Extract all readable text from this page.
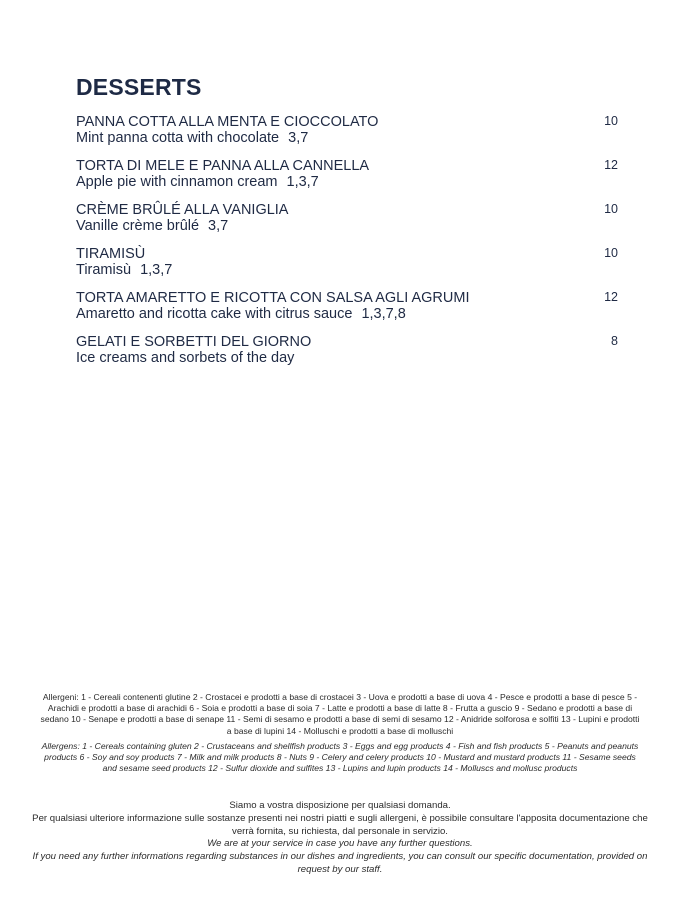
DESSERTS
PANNA COTTA ALLA MENTA E CIOCCOLATO
Mint panna cotta with chocolate 3,7
10
TORTA DI MELE E PANNA ALLA CANNELLA
Apple pie with cinnamon cream 1,3,7
12
CRÈME BRÛLÉ ALLA VANIGLIA
Vanille crème brûlé 3,7
10
TIRAMISÙ
Tiramisù 1,3,7
10
TORTA AMARETTO E RICOTTA CON SALSA AGLI AGRUMI
Amaretto and ricotta cake with citrus sauce 1,3,7,8
12
GELATI E SORBETTI DEL GIORNO
Ice creams and sorbets of the day
8
Allergeni: 1 - Cereali contenenti glutine 2 - Crostacei e prodotti a base di crostacei 3 - Uova e prodotti a base di uova 4 - Pesce e prodotti a base di pesce 5 - Arachidi e prodotti a base di arachidi 6 - Soia e prodotti a base di soia 7 - Latte e prodotti a base di latte 8 - Frutta a guscio 9 - Sedano e prodotti a base di sedano 10 - Senape e prodotti a base di senape 11 - Semi di sesamo e prodotti a base di semi di sesamo 12 - Anidride solforosa e solfiti 13 - Lupini e prodotti a base di lupini 14 - Molluschi e prodotti a base di molluschi
Allergens: 1 - Cereals containing gluten 2 - Crustaceans and shellfish products 3 - Eggs and egg products 4 - Fish and fish products 5 - Peanuts and peanuts products 6 - Soy and soy products 7 - Milk and milk products 8 - Nuts 9 - Celery and celery products 10 - Mustard and mustard products 11 - Sesame seeds and sesame seed products 12 - Sulfur dioxide and sulfites 13 - Lupins and lupin products 14 - Molluscs and mollusc products
Siamo a vostra disposizione per qualsiasi domanda.
Per qualsiasi ulteriore informazione sulle sostanze presenti nei nostri piatti e sugli allergeni, è possibile consultare l'apposita documentazione che verrà fornita, su richiesta, dal personale in servizio.
We are at your service in case you have any further questions.
If you need any further informations regarding substances in our dishes and ingredients, you can consult our specific documentation, provided on request by our staff.
